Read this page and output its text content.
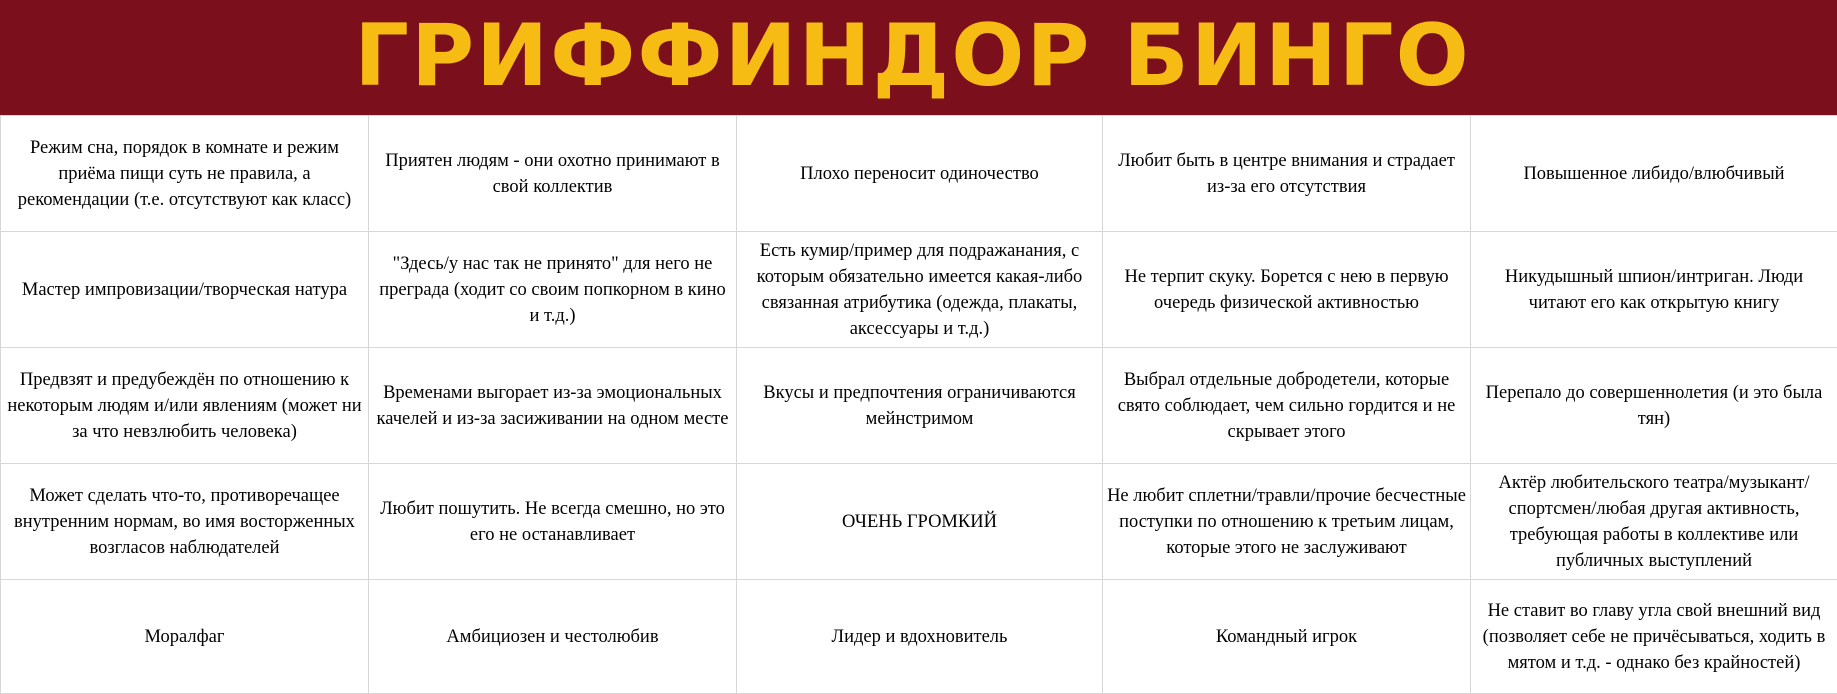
ГРИФФИНДОР БИНГО
Режим сна, порядок в комнате и режим приёма пищи суть не правила, а рекомендации (т.е. отсутствуют как класс)	Приятен людям - они охотно принимают в свой коллектив	Плохо переносит одиночество	Любит быть в центре внимания и страдает из-за его отсутствия	Повышенное либидо/влюбчивый
Мастер импровизации/творческая натура	"Здесь/у нас так не принято" для него не преграда (ходит со своим попкорном в кино и т.д.)	Есть кумир/пример для подражанания, с которым обязательно имеется какая-либо связанная атрибутика (одежда, плакаты, аксессуары и т.д.)	Не терпит скуку. Борется с нею в первую очередь физической активностью	Никудышный шпион/интриган. Люди читают его как открытую книгу
Предвзят и предубеждён по отношению к некоторым людям и/или явлениям (может ни за что невзлюбить человека)	Временами выгорает из-за эмоциональных качелей и из-за засиживании на одном месте	Вкусы и предпочтения ограничиваются мейнстримом	Выбрал отдельные добродетели, которые свято соблюдает, чем сильно гордится и не скрывает этого	Перепало до совершеннолетия (и это была тян)
Может сделать что-то, противоречащее внутренним нормам, во имя восторженных возгласов наблюдателей	Любит пошутить. Не всегда смешно, но это его не останавливает	ОЧЕНЬ ГРОМКИЙ	Не любит сплетни/травли/прочие бесчестные поступки по отношению к третьим лицам, которые этого не заслуживают	Актёр любительского театра/музыкант/спортсмен/любая другая активность, требующая работы в коллективе или публичных выступлений
Моралфаг	Амбициозен и честолюбив	Лидер и вдохновитель	Командный игрок	Не ставит во главу угла свой внешний вид (позволяет себе не причёсываться, ходить в мятом и т.д. - однако без крайностей)
